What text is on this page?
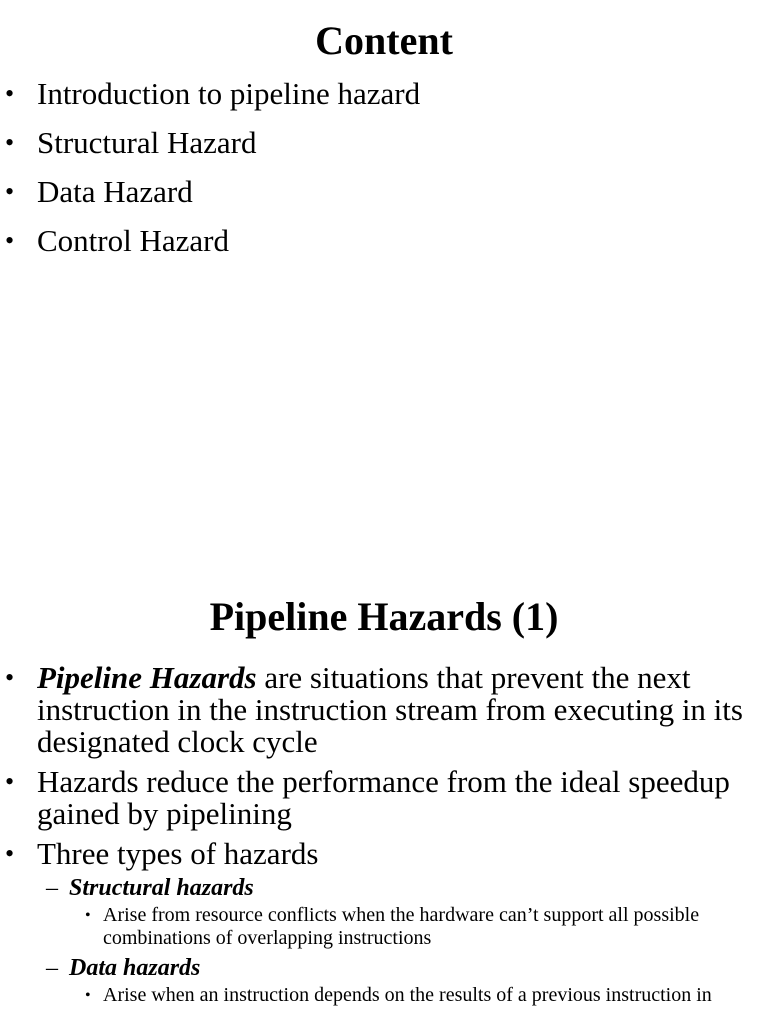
Content
• Introduction to pipeline hazard
• Structural Hazard
• Data Hazard
• Control Hazard
Pipeline Hazards (1)
• Pipeline Hazards are situations that prevent the next instruction in the instruction stream from executing in its designated clock cycle
• Hazards reduce the performance from the ideal speedup gained by pipelining
• Three types of hazards
– Structural hazards
• Arise from resource conflicts when the hardware can’t support all possible combinations of overlapping instructions
– Data hazards
• Arise when an instruction depends on the results of a previous instruction in
